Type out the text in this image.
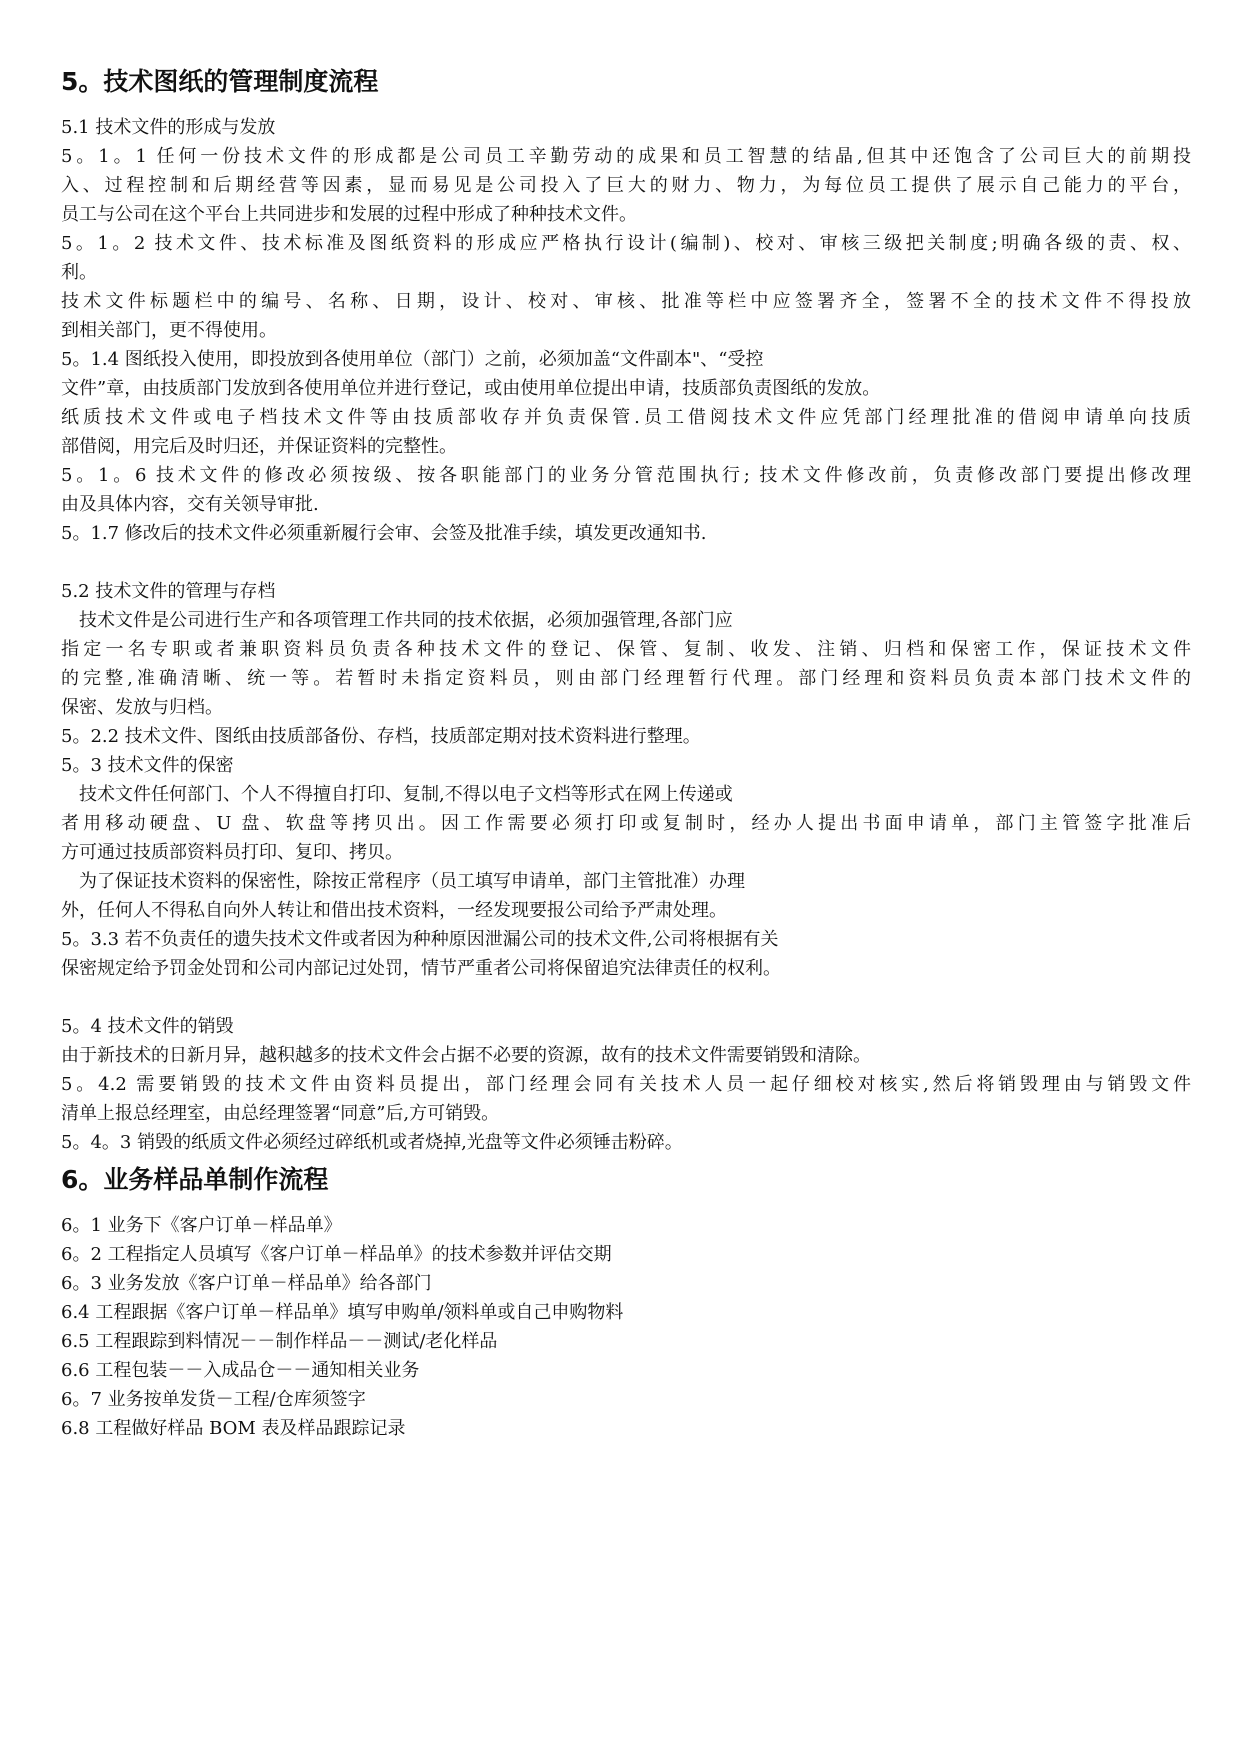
5。技术图纸的管理制度流程

5.1 技术文件的形成与发放

5。1。1 任何一份技术文件的形成都是公司员工辛勤劳动的成果和员工智慧的结晶,但其中还饱含了公司巨大的前期投

入、过程控制和后期经营等因素，显而易见是公司投入了巨大的财力、物力，为每位员工提供了展示自己能力的平台，

员工与公司在这个平台上共同进步和发展的过程中形成了种种技术文件。

5。1。2 技术文件、技术标准及图纸资料的形成应严格执行设计(编制)、校对、审核三级把关制度;明确各级的责、权、

利。

技术文件标题栏中的编号、名称、日期，设计、校对、审核、批准等栏中应签署齐全，签署不全的技术文件不得投放

到相关部门，更不得使用。

5。1.4 图纸投入使用，即投放到各使用单位（部门）之前，必须加盖“文件副本"、“受控

文件”章，由技质部门发放到各使用单位并进行登记，或由使用单位提出申请，技质部负责图纸的发放。

纸质技术文件或电子档技术文件等由技质部收存并负责保管.员工借阅技术文件应凭部门经理批准的借阅申请单向技质

部借阅，用完后及时归还，并保证资料的完整性。

5。1。6 技术文件的修改必须按级、按各职能部门的业务分管范围执行; 技术文件修改前，负责修改部门要提出修改理

由及具体内容，交有关领导审批.

5。1.7 修改后的技术文件必须重新履行会审、会签及批准手续，填发更改通知书.

5.2 技术文件的管理与存档

　技术文件是公司进行生产和各项管理工作共同的技术依据，必须加强管理,各部门应

指定一名专职或者兼职资料员负责各种技术文件的登记、保管、复制、收发、注销、归档和保密工作，保证技术文件

的完整,准确清晰、统一等。若暂时未指定资料员，则由部门经理暂行代理。部门经理和资料员负责本部门技术文件的

保密、发放与归档。

5。2.2 技术文件、图纸由技质部备份、存档，技质部定期对技术资料进行整理。

5。3 技术文件的保密

　技术文件任何部门、个人不得擅自打印、复制,不得以电子文档等形式在网上传递或

者用移动硬盘、U 盘、软盘等拷贝出。因工作需要必须打印或复制时，经办人提出书面申请单，部门主管签字批准后

方可通过技质部资料员打印、复印、拷贝。

　为了保证技术资料的保密性，除按正常程序（员工填写申请单，部门主管批准）办理

外，任何人不得私自向外人转让和借出技术资料，一经发现要报公司给予严肃处理。

5。3.3 若不负责任的遗失技术文件或者因为种种原因泄漏公司的技术文件,公司将根据有关

保密规定给予罚金处罚和公司内部记过处罚，情节严重者公司将保留追究法律责任的权利。

5。4 技术文件的销毁

由于新技术的日新月异，越积越多的技术文件会占据不必要的资源，故有的技术文件需要销毁和清除。

5。4.2 需要销毁的技术文件由资料员提出，部门经理会同有关技术人员一起仔细校对核实,然后将销毁理由与销毁文件

清单上报总经理室，由总经理签署“同意”后,方可销毁。

5。4。3 销毁的纸质文件必须经过碎纸机或者烧掉,光盘等文件必须锤击粉碎。

6。业务样品单制作流程

6。1 业务下《客户订单－样品单》

6。2 工程指定人员填写《客户订单－样品单》的技术参数并评估交期

6。3 业务发放《客户订单－样品单》给各部门

6.4 工程跟据《客户订单－样品单》填写申购单/领料单或自己申购物料

6.5 工程跟踪到料情况－－制作样品－－测试/老化样品

6.6 工程包装－－入成品仓－－通知相关业务

6。7 业务按单发货－工程/仓库须签字

6.8 工程做好样品 BOM 表及样品跟踪记录
